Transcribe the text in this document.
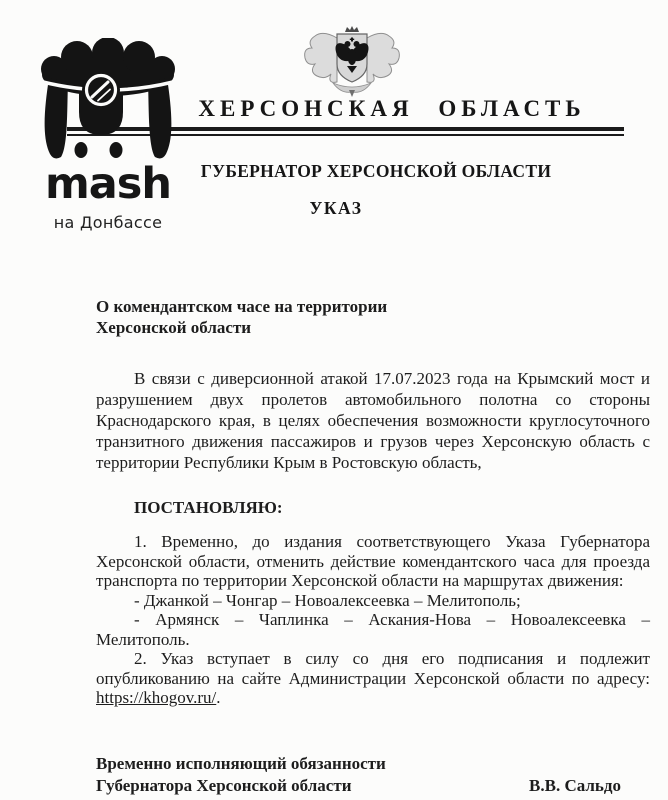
mash
на Донбассе
ХЕРСОНСКАЯ ОБЛАСТЬ
ГУБЕРНАТОР ХЕРСОНСКОЙ ОБЛАСТИ
УКАЗ
О комендантском часе на территории
Херсонской области
В связи с диверсионной атакой 17.07.2023 года на Крымский мост и
разрушением двух пролетов автомобильного полотна со стороны
Краснодарского края, в целях обеспечения возможности круглосуточного
транзитного движения пассажиров и грузов через Херсонскую область с
территории Республики Крым в Ростовскую область,
ПОСТАНОВЛЯЮ:
1. Временно, до издания соответствующего Указа Губернатора
Херсонской области, отменить действие комендантского часа для проезда
транспорта по территории Херсонской области на маршрутах движения:
- Джанкой – Чонгар – Новоалексеевка – Мелитополь;
- Армянск – Чаплинка – Аскания-Нова – Новоалексеевка –
Мелитополь.
2. Указ вступает в силу со дня его подписания и подлежит
опубликованию на сайте Администрации Херсонской области по адресу:
https://khogov.ru/.
Временно исполняющий обязанности
Губернатора Херсонской области	В.В. Сальдо
